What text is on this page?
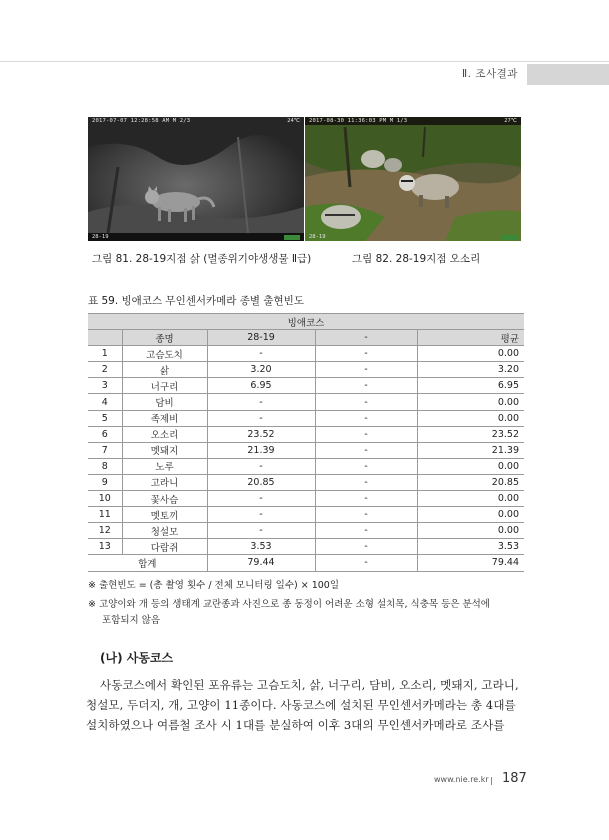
Ⅱ. 조사결과
2017-07-07 12:28:58 AM M 2/3	24℃
28-19
2017-08-30 11:36:03 PM M 1/3	27℃
28-19
그림 81. 28-19지점 삵 (멸종위기야생생물 Ⅱ급)	그림 82. 28-19지점 오소리
표 59. 빙애코스 무인센서카메라 종별 출현빈도
빙애코스				
	종명	28-19	-	평균
1	고슴도치	-	-	0.00
2	삵	3.20	-	3.20
3	너구리	6.95	-	6.95
4	담비	-	-	0.00
5	족제비	-	-	0.00
6	오소리	23.52	-	23.52
7	멧돼지	21.39	-	21.39
8	노루	-	-	0.00
9	고라니	20.85	-	20.85
10	꽃사슴	-	-	0.00
11	멧토끼	-	-	0.00
12	청설모	-	-	0.00
13	다람쥐	3.53	-	3.53
합계		79.44	-	79.44
※ 출현빈도 = (총 촬영 횟수 / 전체 모니터링 일수) × 100일
※ 고양이와 개 등의 생태계 교란종과 사진으로 종 동정이 어려운 소형 설치목, 식충목 등은 분석에
포함되지 않음
(나) 사동코스
사동코스에서 확인된 포유류는 고슴도치, 삵, 너구리, 담비, 오소리, 멧돼지, 고라니,
청설모, 두더지, 개, 고양이 11종이다. 사동코스에 설치된 무인센서카메라는 총 4대를
설치하였으나 여름철 조사 시 1대를 분실하여 이후 3대의 무인센서카메라로 조사를
www.nie.re.kr 187
